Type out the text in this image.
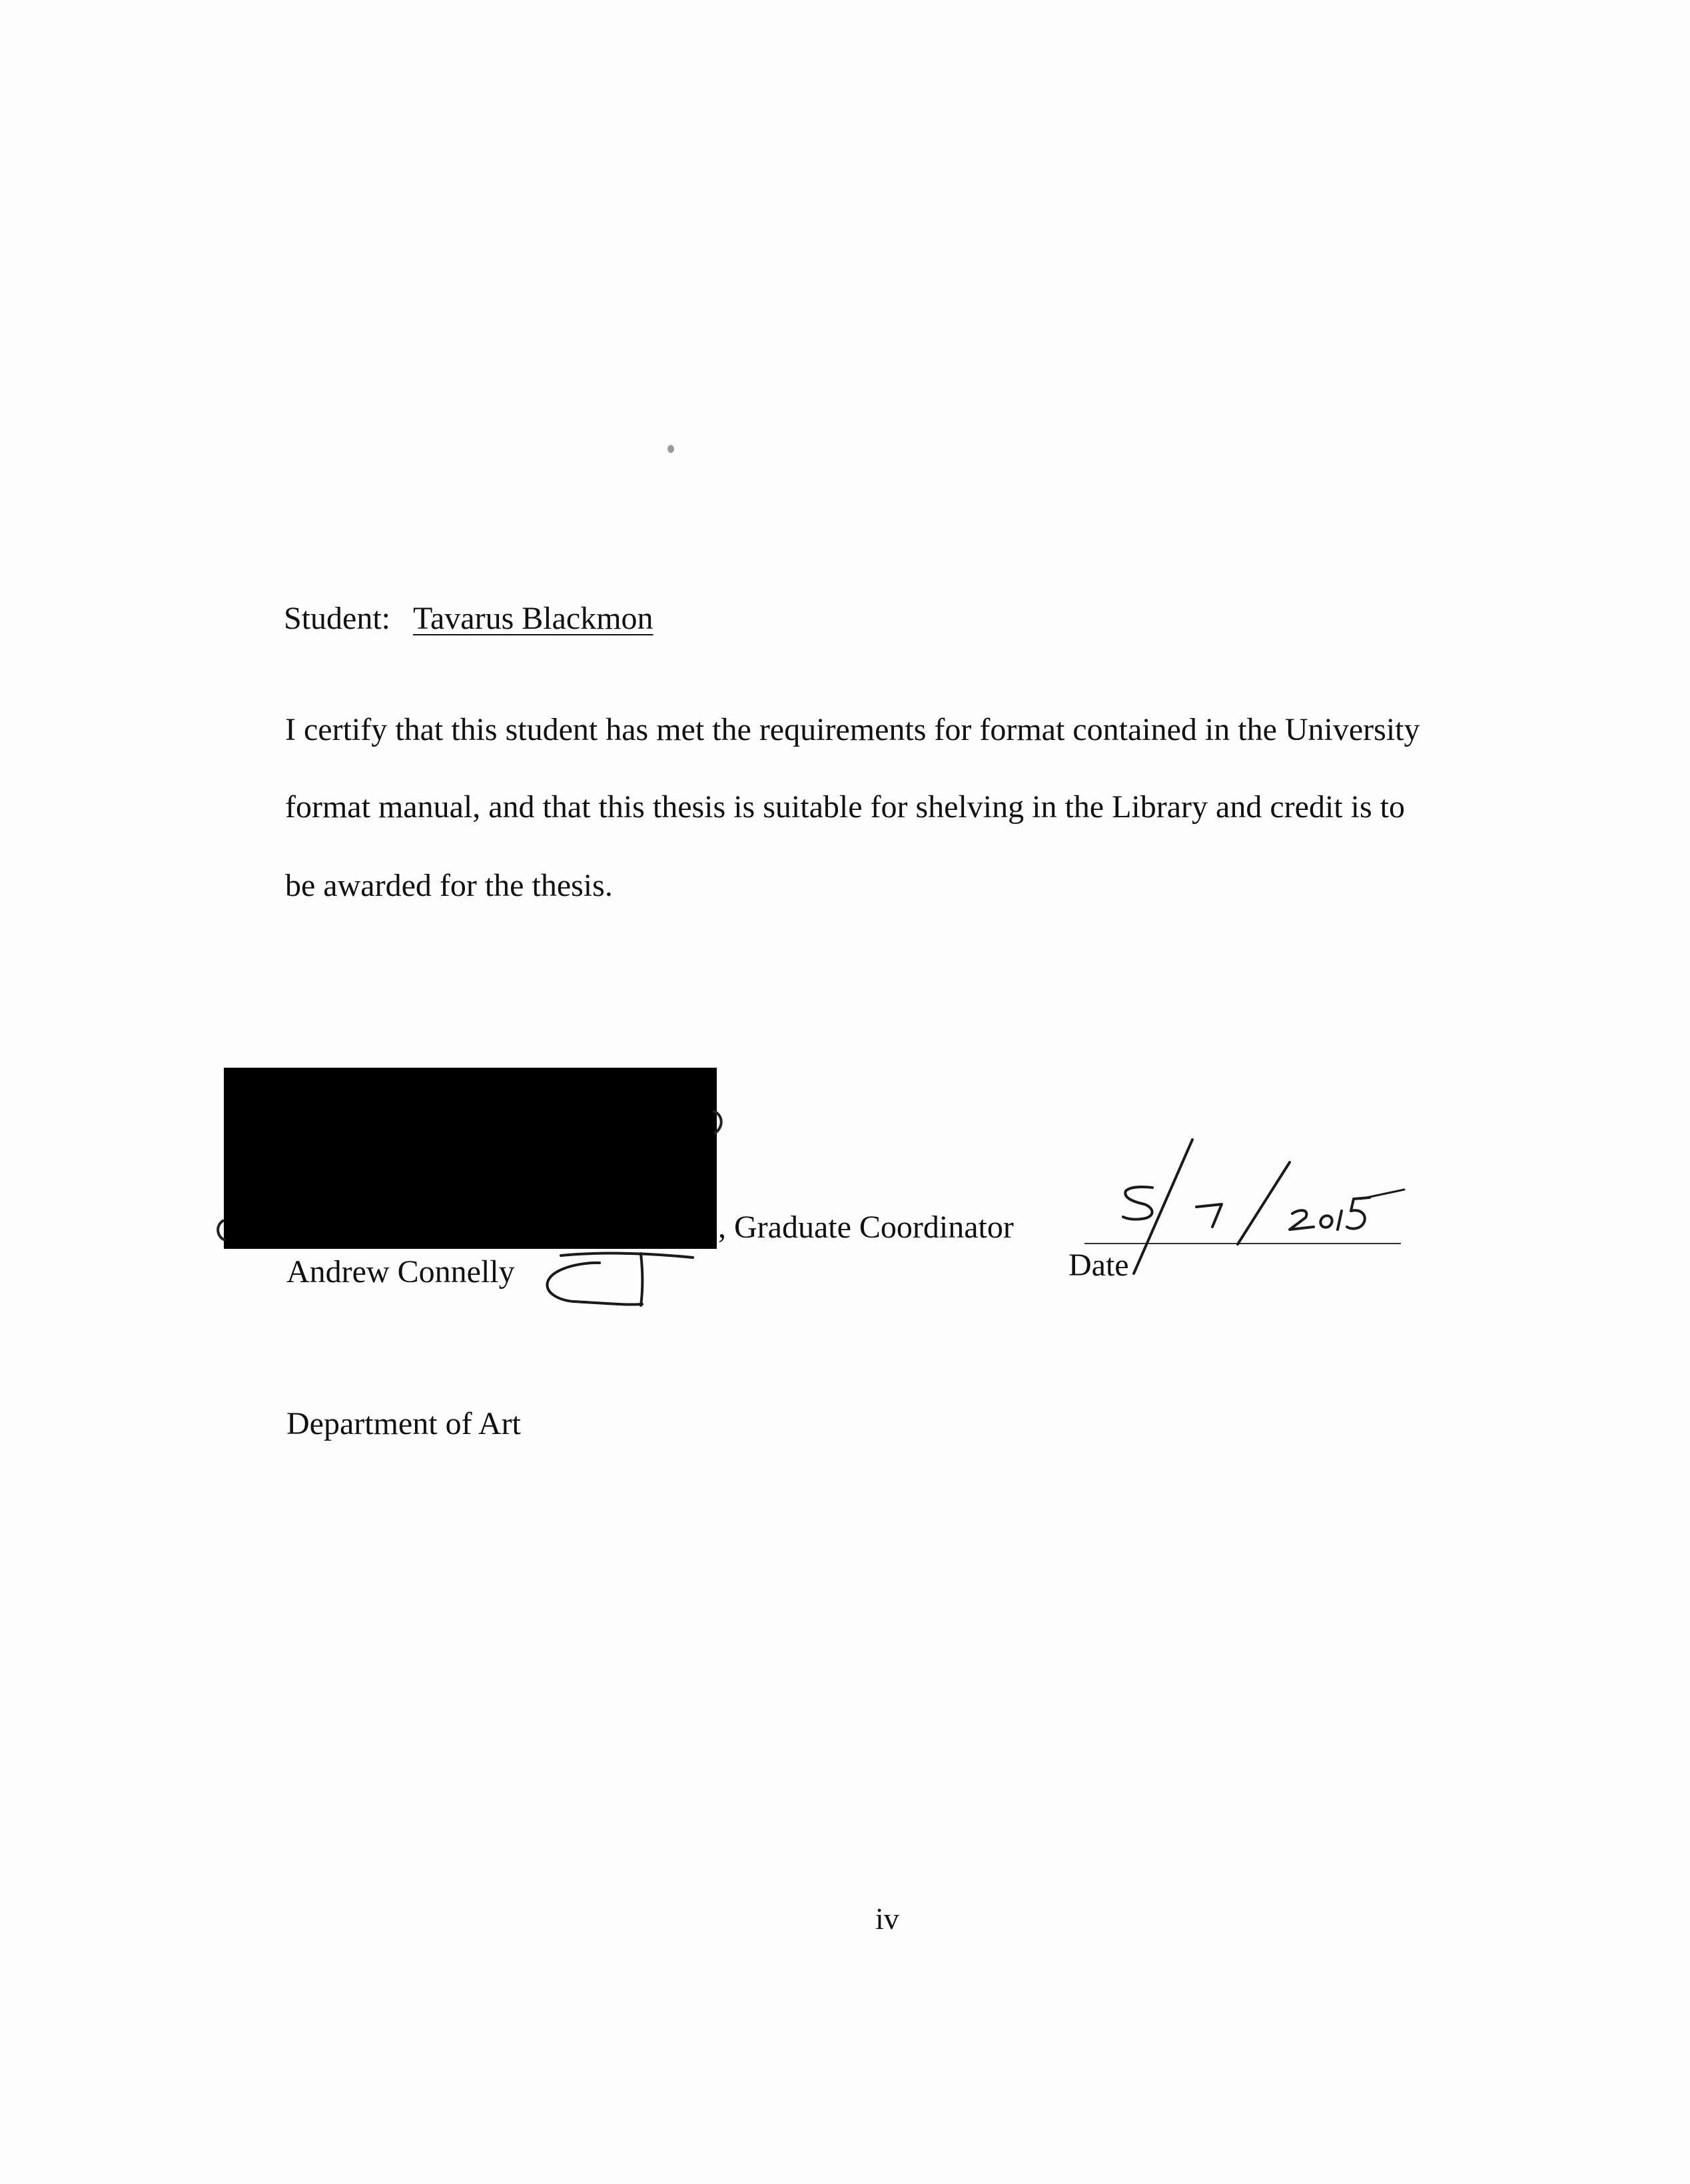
Student: Tavarus Blackmon
I certify that this student has met the requirements for format contained in the University
format manual, and that this thesis is suitable for shelving in the Library and credit is to
be awarded for the thesis.
, Graduate Coordinator
Andrew Connelly	Date
Department of Art
iv
